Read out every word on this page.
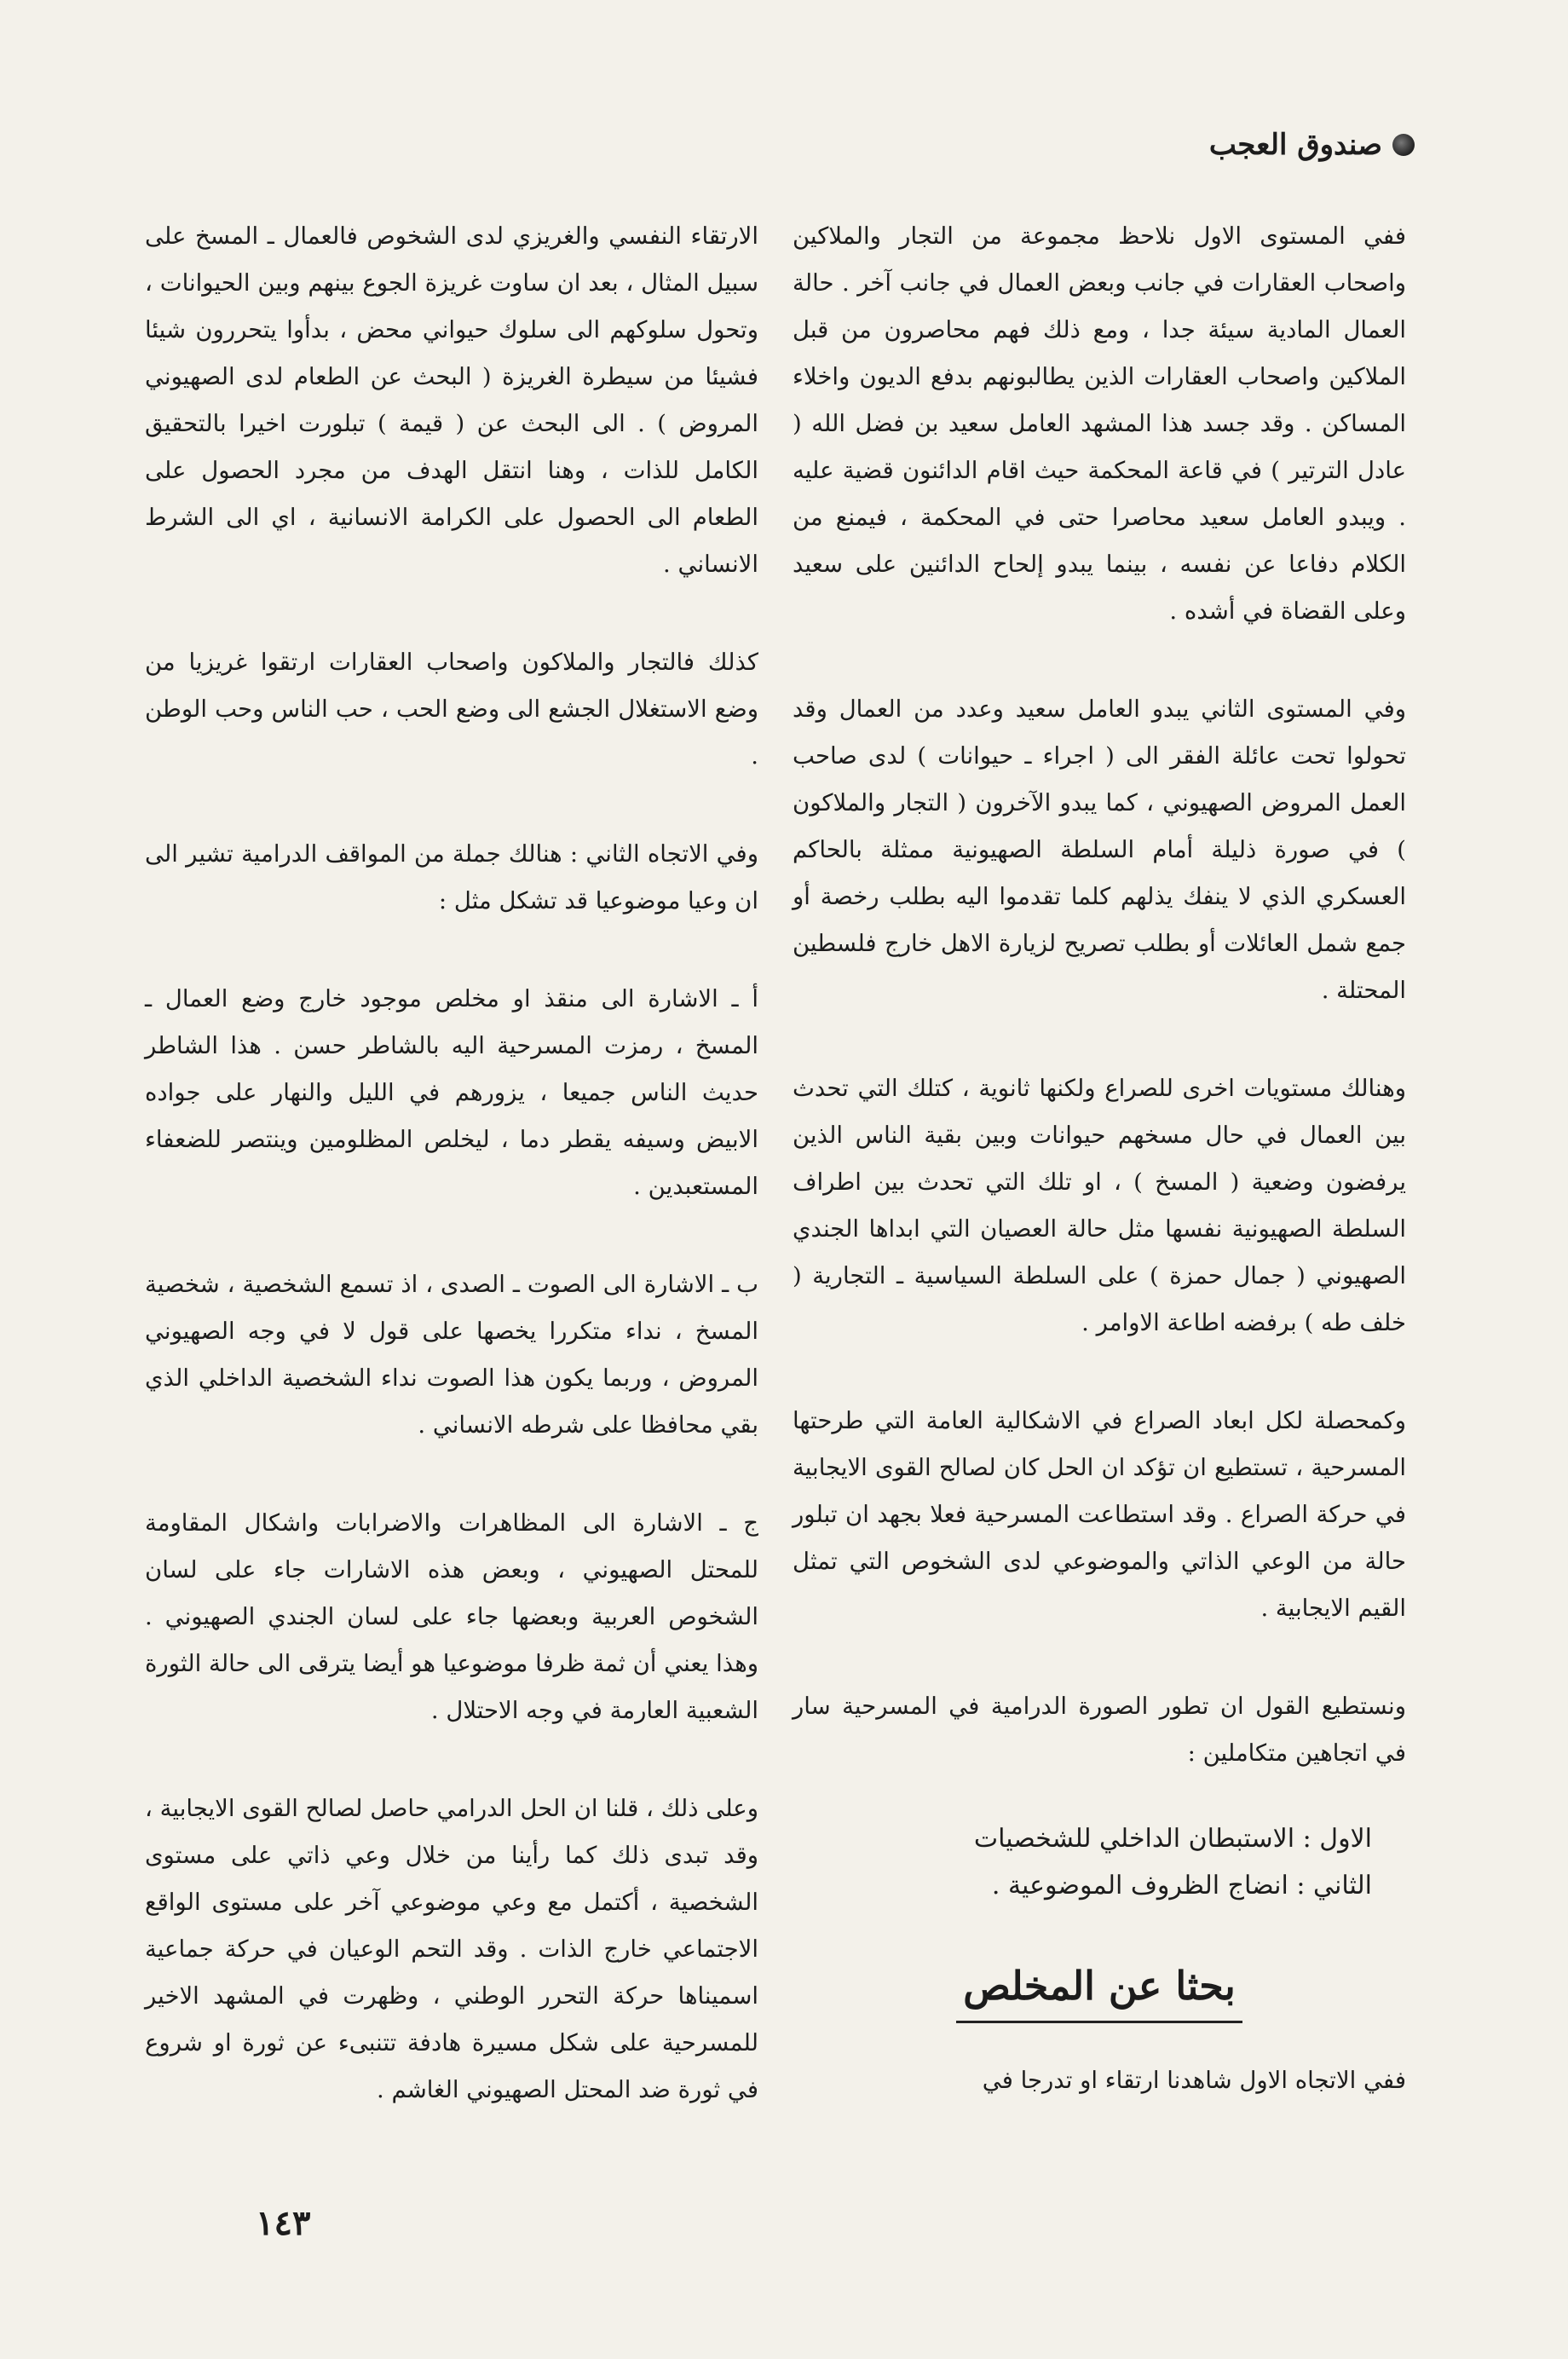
صندوق العجب

ففي المستوى الاول نلاحظ مجموعة من التجار والملاكين واصحاب العقارات في جانب وبعض العمال في جانب آخر . حالة العمال المادية سيئة جدا ، ومع ذلك فهم محاصرون من قبل الملاكين واصحاب العقارات الذين يطالبونهم بدفع الديون واخلاء المساكن . وقد جسد هذا المشهد العامل سعيد بن فضل الله ( عادل الترتير ) في قاعة المحكمة حيث اقام الدائنون قضية عليه . ويبدو العامل سعيد محاصرا حتى في المحكمة ، فيمنع من الكلام دفاعا عن نفسه ، بينما يبدو إلحاح الدائنين على سعيد وعلى القضاة في أشده .

وفي المستوى الثاني يبدو العامل سعيد وعدد من العمال وقد تحولوا تحت عائلة الفقر الى ( اجراء ـ حيوانات ) لدى صاحب العمل المروض الصهيوني ، كما يبدو الآخرون ( التجار والملاكون ) في صورة ذليلة أمام السلطة الصهيونية ممثلة بالحاكم العسكري الذي لا ينفك يذلهم كلما تقدموا اليه بطلب رخصة أو جمع شمل العائلات أو بطلب تصريح لزيارة الاهل خارج فلسطين المحتلة .

وهنالك مستويات اخرى للصراع ولكنها ثانوية ، كتلك التي تحدث بين العمال في حال مسخهم حيوانات وبين بقية الناس الذين يرفضون وضعية ( المسخ ) ، او تلك التي تحدث بين اطراف السلطة الصهيونية نفسها مثل حالة العصيان التي ابداها الجندي الصهيوني ( جمال حمزة ) على السلطة السياسية ـ التجارية ( خلف طه ) برفضه اطاعة الاوامر .

وكمحصلة لكل ابعاد الصراع في الاشكالية العامة التي طرحتها المسرحية ، تستطيع ان تؤكد ان الحل كان لصالح القوى الايجابية في حركة الصراع . وقد استطاعت المسرحية فعلا بجهد ان تبلور حالة من الوعي الذاتي والموضوعي لدى الشخوص التي تمثل القيم الايجابية .

ونستطيع القول ان تطور الصورة الدرامية في المسرحية سار في اتجاهين متكاملين :

الاول : الاستبطان الداخلي للشخصيات
الثاني : انضاج الظروف الموضوعية .
بحثا عن المخلص

ففي الاتجاه الاول شاهدنا ارتقاء او تدرجا في

الارتقاء النفسي والغريزي لدى الشخوص فالعمال ـ المسخ على سبيل المثال ، بعد ان ساوت غريزة الجوع بينهم وبين الحيوانات ، وتحول سلوكهم الى سلوك حيواني محض ، بدأوا يتحررون شيئا فشيئا من سيطرة الغريزة ( البحث عن الطعام لدى الصهيوني المروض ) . الى البحث عن ( قيمة ) تبلورت اخيرا بالتحقيق الكامل للذات ، وهنا انتقل الهدف من مجرد الحصول على الطعام الى الحصول على الكرامة الانسانية ، اي الى الشرط الانساني .

كذلك فالتجار والملاكون واصحاب العقارات ارتقوا غريزيا من وضع الاستغلال الجشع الى وضع الحب ، حب الناس وحب الوطن .

وفي الاتجاه الثاني : هنالك جملة من المواقف الدرامية تشير الى ان وعيا موضوعيا قد تشكل مثل :

أ ـ الاشارة الى منقذ او مخلص موجود خارج وضع العمال ـ المسخ ، رمزت المسرحية اليه بالشاطر حسن . هذا الشاطر حديث الناس جميعا ، يزورهم في الليل والنهار على جواده الابيض وسيفه يقطر دما ، ليخلص المظلومين وينتصر للضعفاء المستعبدين .

ب ـ الاشارة الى الصوت ـ الصدى ، اذ تسمع الشخصية ، شخصية المسخ ، نداء متكررا يخصها على قول لا في وجه الصهيوني المروض ، وربما يكون هذا الصوت نداء الشخصية الداخلي الذي بقي محافظا على شرطه الانساني .

ج ـ الاشارة الى المظاهرات والاضرابات واشكال المقاومة للمحتل الصهيوني ، وبعض هذه الاشارات جاء على لسان الشخوص العربية وبعضها جاء على لسان الجندي الصهيوني . وهذا يعني أن ثمة ظرفا موضوعيا هو أيضا يترقى الى حالة الثورة الشعبية العارمة في وجه الاحتلال .

وعلى ذلك ، قلنا ان الحل الدرامي حاصل لصالح القوى الايجابية ، وقد تبدى ذلك كما رأينا من خلال وعي ذاتي على مستوى الشخصية ، أكتمل مع وعي موضوعي آخر على مستوى الواقع الاجتماعي خارج الذات . وقد التحم الوعيان في حركة جماعية اسميناها حركة التحرر الوطني ، وظهرت في المشهد الاخير للمسرحية على شكل مسيرة هادفة تتنبىء عن ثورة او شروع في ثورة ضد المحتل الصهيوني الغاشم .

١٤٣
